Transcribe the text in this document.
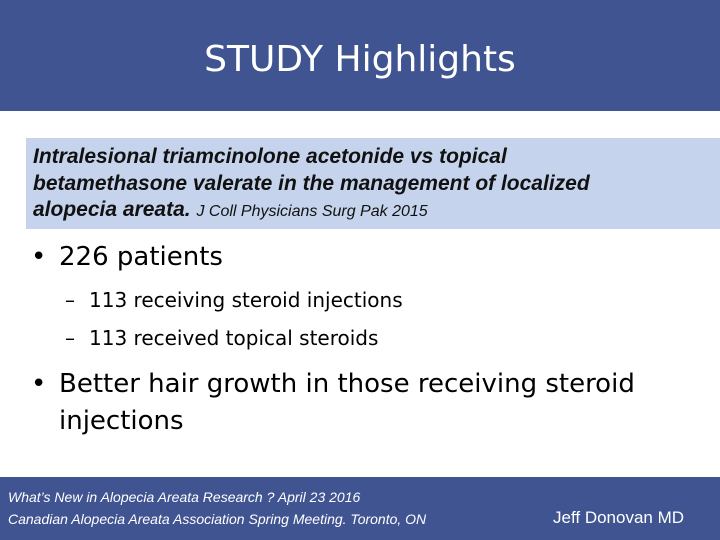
STUDY Highlights
Intralesional triamcinolone acetonide vs topical
betamethasone valerate in the management of localized
alopecia areata. J Coll Physicians Surg Pak 2015
• 226 patients
– 113 receiving steroid injections
– 113 received topical steroids
• Better hair growth in those receiving steroid
injections
What’s New in Alopecia Areata Research ? April 23 2016
Canadian Alopecia Areata Association Spring Meeting. Toronto, ON	Jeff Donovan MD
